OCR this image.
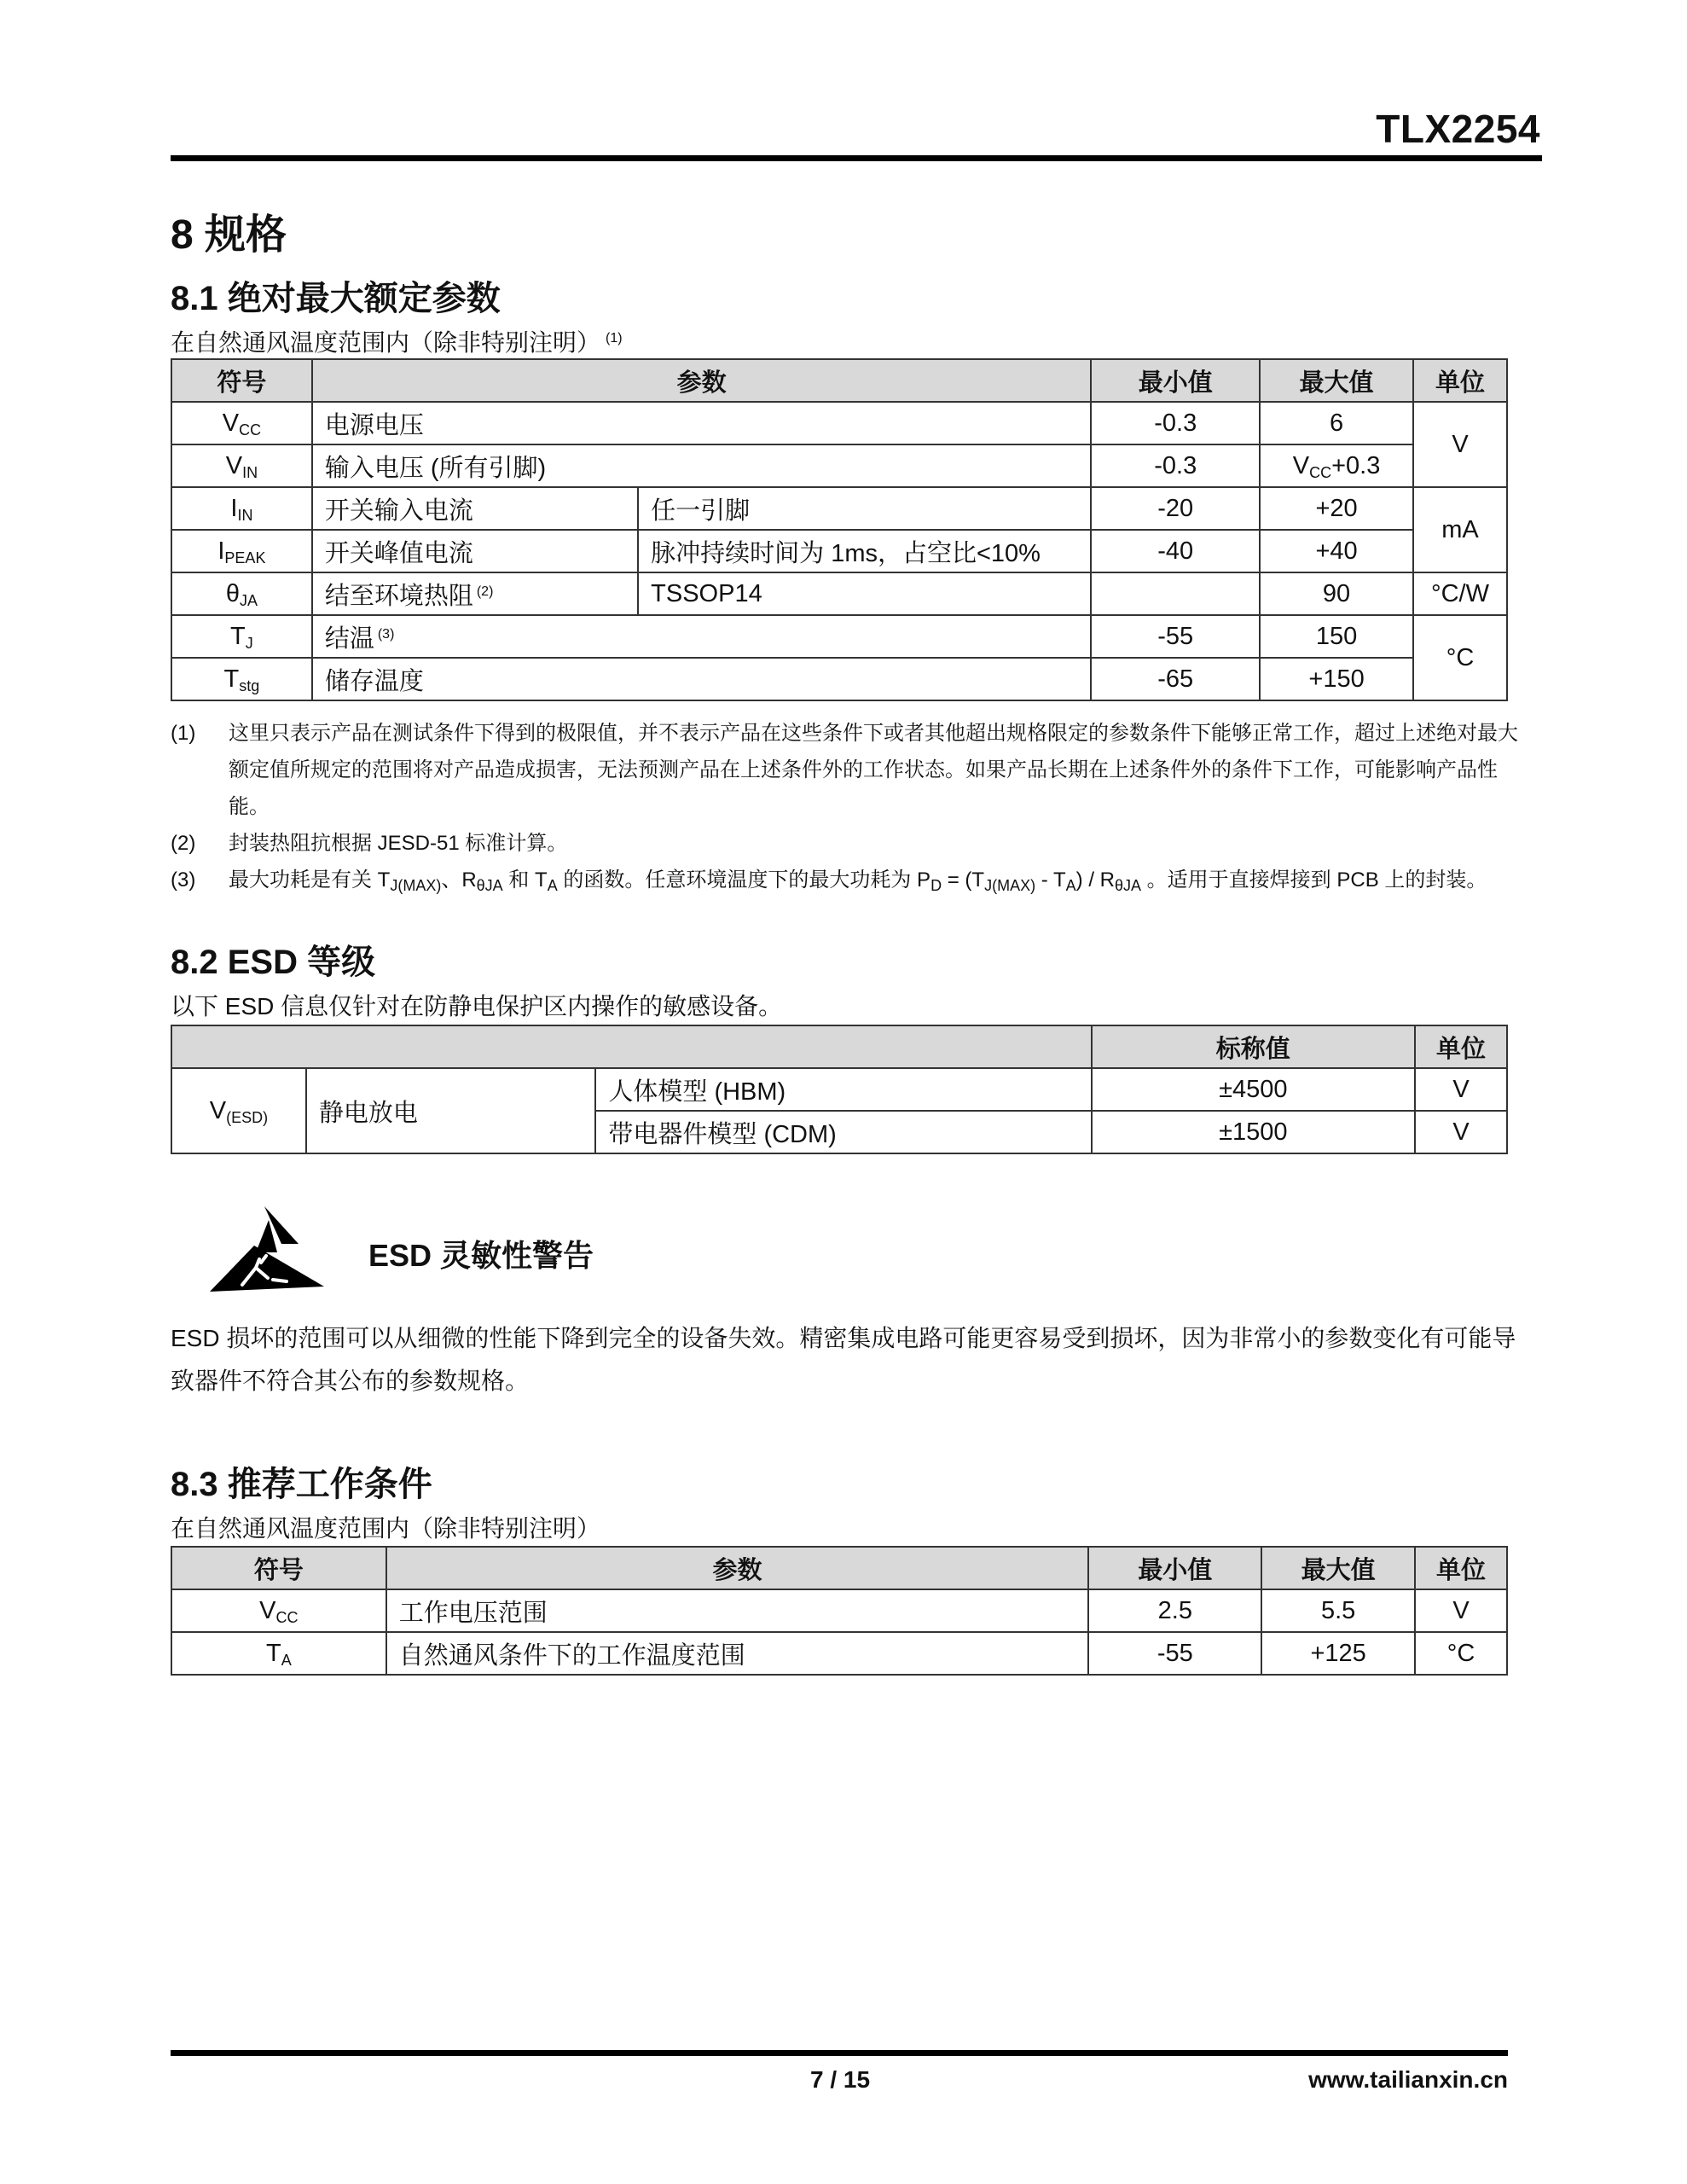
TLX2254
8 规格
8.1 绝对最大额定参数
在自然通风温度范围内（除非特别注明） $^{(1)}$
符号	参数		最小值	最大值	单位
VCC	电源电压		-0.3	6	V
VIN	输入电压 (所有引脚)		-0.3	VCC+0.3	
IIN	开关输入电流	任一引脚	-20	+20	mA
IPEAK	开关峰值电流	脉冲持续时间为 1ms，占空比<10%	-40	+40	
θJA	结至环境热阻 $^{(2)}$	TSSOP14		90	°C/W
TJ	结温 $^{(3)}$		-55	150	°C
Tstg	储存温度		-65	+150	
(1)	这里只表示产品在测试条件下得到的极限值，并不表示产品在这些条件下或者其他超出规格限定的参数条件下能够正常工作，超过上述绝对最大额定值所规定的范围将对产品造成损害，无法预测产品在上述条件外的工作状态。如果产品长期在上述条件外的条件下工作，可能影响产品性能。
(2)	封装热阻抗根据 JESD-51 标准计算。
(3)	最大功耗是有关 $T_{J(MAX)}$、$R_{\theta JA}$ 和 $T_A$ 的函数。任意环境温度下的最大功耗为 $P_D = (T_{J(MAX)} - T_A) / R_{\theta JA}$ 。适用于直接焊接到 PCB 上的封装。
8.2 ESD 等级
以下 ESD 信息仅针对在防静电保护区内操作的敏感设备。
			标称值	单位
V(ESD)	静电放电	人体模型 (HBM)	±4500	V
		带电器件模型 (CDM)	±1500	V
ESD 灵敏性警告
ESD 损坏的范围可以从细微的性能下降到完全的设备失效。精密集成电路可能更容易受到损坏，因为非常小的参数变化有可能导致器件不符合其公布的参数规格。
8.3 推荐工作条件
在自然通风温度范围内（除非特别注明）
符号	参数	最小值	最大值	单位
VCC	工作电压范围	2.5	5.5	V
TA	自然通风条件下的工作温度范围	-55	+125	°C
7 / 15	www.tailianxin.cn
